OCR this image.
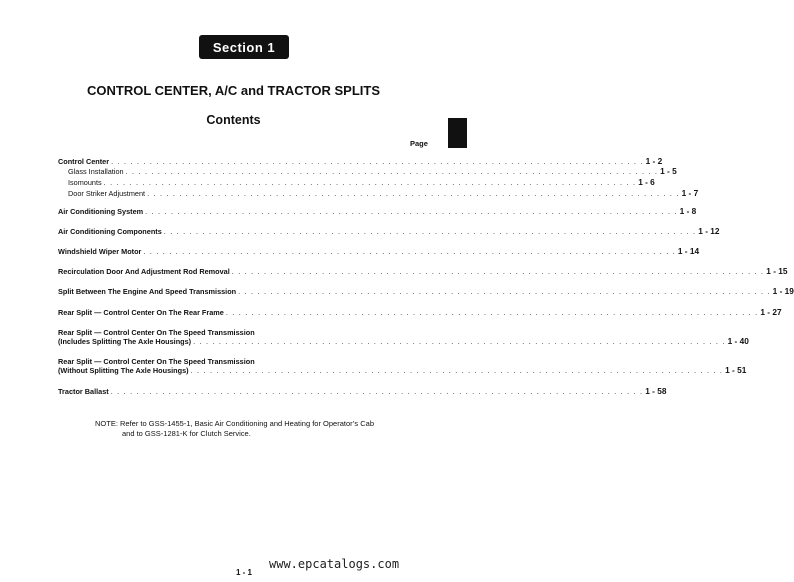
Section 1
CONTROL CENTER, A/C and TRACTOR SPLITS
Contents
Page
Control Center . . . . . . . . . . . . . . . . . . . . . . . . . . . . . . . . . . . . . . . . . . . . . . . . . . . . . . . . . . . . . . . . . . . . . . . . . . . . . . . . . . . 1 - 2
Glass Installation . . . . . . . . . . . . . . . . . . . . . . . . . . . . . . . . . . . . . . . . . . . . . . . . . . . . . . . . . . . . . . . . . . . . . . . . . . . . . . . . . . . 1 - 5
Isomounts . . . . . . . . . . . . . . . . . . . . . . . . . . . . . . . . . . . . . . . . . . . . . . . . . . . . . . . . . . . . . . . . . . . . . . . . . . . . . . . . . . . 1 - 6
Door Striker Adjustment . . . . . . . . . . . . . . . . . . . . . . . . . . . . . . . . . . . . . . . . . . . . . . . . . . . . . . . . . . . . . . . . . . . . . . . . . . . . . . . . . . . 1 - 7
Air Conditioning System . . . . . . . . . . . . . . . . . . . . . . . . . . . . . . . . . . . . . . . . . . . . . . . . . . . . . . . . . . . . . . . . . . . . . . . . . . . . . . . . . . . 1 - 8
Air Conditioning Components . . . . . . . . . . . . . . . . . . . . . . . . . . . . . . . . . . . . . . . . . . . . . . . . . . . . . . . . . . . . . . . . . . . . . . . . . . . . . . . . . . . 1 - 12
Windshield Wiper Motor . . . . . . . . . . . . . . . . . . . . . . . . . . . . . . . . . . . . . . . . . . . . . . . . . . . . . . . . . . . . . . . . . . . . . . . . . . . . . . . . . . . 1 - 14
Recirculation Door And Adjustment Rod Removal . . . . . . . . . . . . . . . . . . . . . . . . . . . . . . . . . . . . . . . . . . . . . . . . . . . . . . . . . . . . . . . . . . . . . . . . . . . . . . . . . . . 1 - 15
Split Between The Engine And Speed Transmission . . . . . . . . . . . . . . . . . . . . . . . . . . . . . . . . . . . . . . . . . . . . . . . . . . . . . . . . . . . . . . . . . . . . . . . . . . . . . . . . . . . 1 - 19
Rear Split — Control Center On The Rear Frame . . . . . . . . . . . . . . . . . . . . . . . . . . . . . . . . . . . . . . . . . . . . . . . . . . . . . . . . . . . . . . . . . . . . . . . . . . . . . . . . . . . 1 - 27
Rear Split — Control Center On The Speed Transmission
(Includes Splitting The Axle Housings) . . . . . . . . . . . . . . . . . . . . . . . . . . . . . . . . . . . . . . . . . . . . . . . . . . . . . . . . . . . . . . . . . . . . . . . . . . . . . . . . . . . 1 - 40
Rear Split — Control Center On The Speed Transmission
(Without Splitting The Axle Housings) . . . . . . . . . . . . . . . . . . . . . . . . . . . . . . . . . . . . . . . . . . . . . . . . . . . . . . . . . . . . . . . . . . . . . . . . . . . . . . . . . . . 1 - 51
Tractor Ballast . . . . . . . . . . . . . . . . . . . . . . . . . . . . . . . . . . . . . . . . . . . . . . . . . . . . . . . . . . . . . . . . . . . . . . . . . . . . . . . . . . . 1 - 58
NOTE: Refer to GSS-1455-1, Basic Air Conditioning and Heating for Operator’s Cab
and to GSS-1281-K for Clutch Service.
www.epcatalogs.com
1 - 1
